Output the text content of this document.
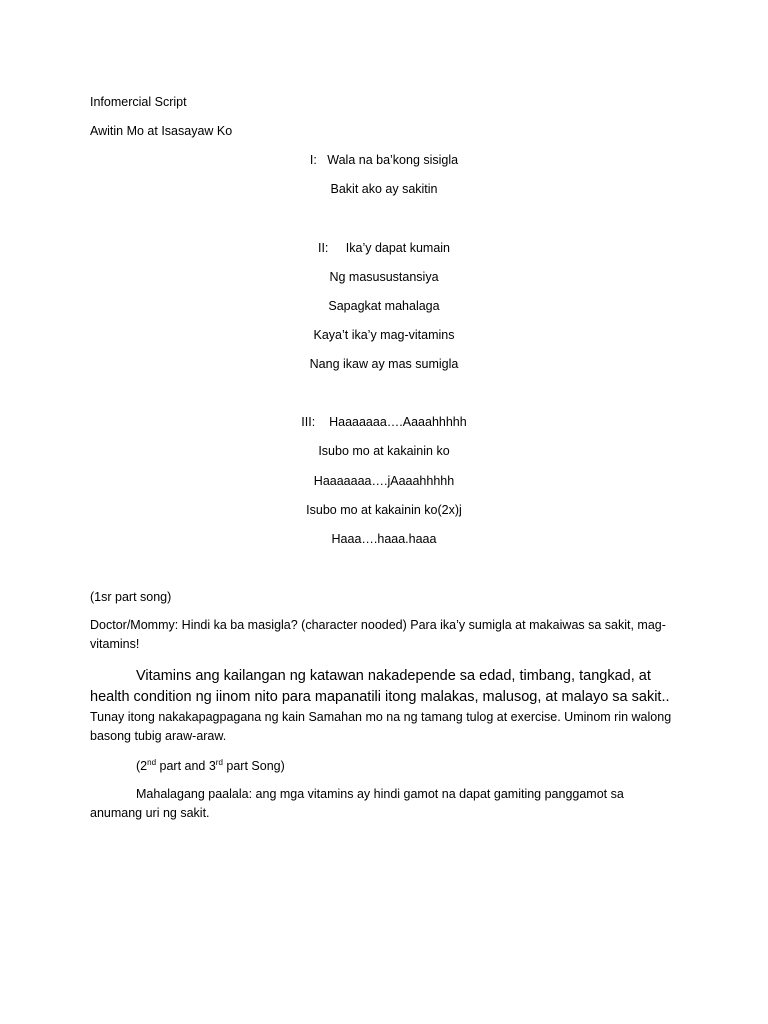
Infomercial Script
Awitin Mo at Isasayaw Ko
I: Wala na ba’kong sisigla
Bakit ako ay sakitin
II: Ika’y dapat kumain
Ng masusustansiya
Sapagkat mahalaga
Kaya’t ika’y mag-vitamins
Nang ikaw ay mas sumigla
III: Haaaaaaa….Aaaahhhhh
Isubo mo at kakainin ko
Haaaaaaa….jAaaahhhhh
Isubo mo at kakainin ko(2x)j
Haaa….haaa.haaa
(1sr part song)
Doctor/Mommy: Hindi ka ba masigla? (character nooded) Para ika’y sumigla at makaiwas sa sakit, mag-vitamins!
Vitamins ang kailangan ng katawan nakadepende sa edad, timbang, tangkad, at health condition ng iinom nito para mapanatili itong malakas, malusog, at malayo sa sakit.. Tunay itong nakakapagpagana ng kain Samahan mo na ng tamang tulog at exercise. Uminom rin walong basong tubig araw-araw.
(2nd part and 3rd part Song)
Mahalagang paalala: ang mga vitamins ay hindi gamot na dapat gamiting panggamot sa anumang uri ng sakit.
